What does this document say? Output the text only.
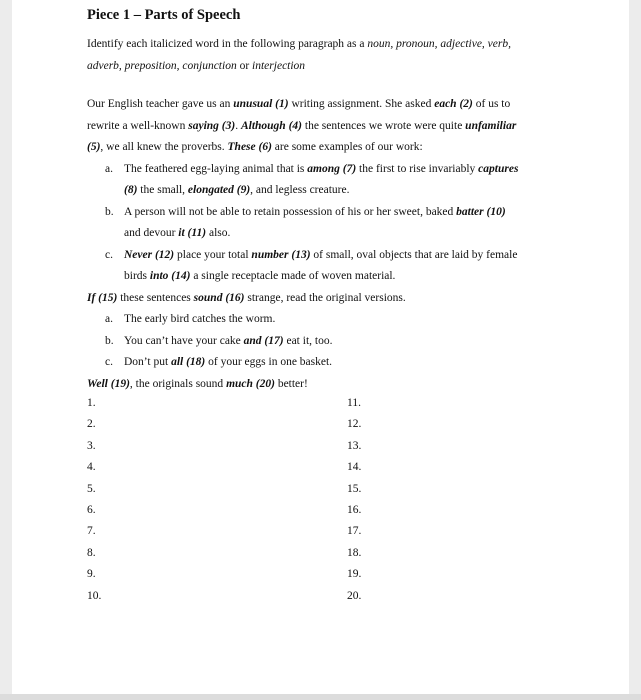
Piece 1 – Parts of Speech
Identify each italicized word in the following paragraph as a noun, pronoun, adjective, verb,
adverb, preposition, conjunction or interjection
Our English teacher gave us an unusual (1) writing assignment. She asked each (2) of us to
rewrite a well-known saying (3). Although (4) the sentences we wrote were quite unfamiliar
(5), we all knew the proverbs. These (6) are some examples of our work:
a. The feathered egg-laying animal that is among (7) the first to rise invariably captures
(8) the small, elongated (9), and legless creature.
b. A person will not be able to retain possession of his or her sweet, baked batter (10)
and devour it (11) also.
c. Never (12) place your total number (13) of small, oval objects that are laid by female
birds into (14) a single receptacle made of woven material.
If (15) these sentences sound (16) strange, read the original versions.
a. The early bird catches the worm.
b. You can’t have your cake and (17) eat it, too.
c. Don’t put all (18) of your eggs in one basket.
Well (19), the originals sound much (20) better!
1.	11.
2.	12.
3.	13.
4.	14.
5.	15.
6.	16.
7.	17.
8.	18.
9.	19.
10.	20.
